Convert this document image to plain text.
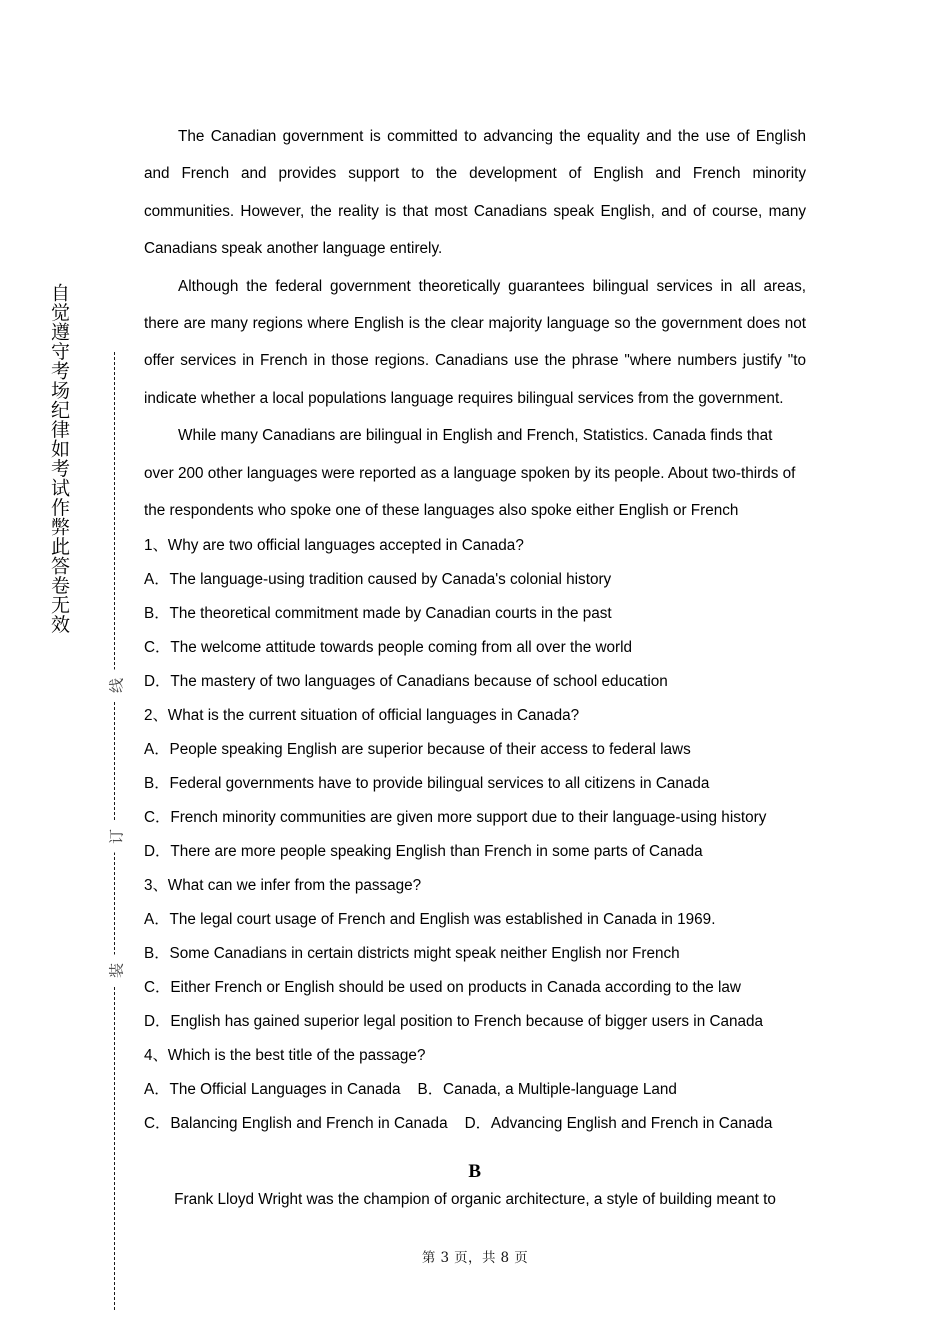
自觉遵守考场纪律如考试作弊此答卷无效
线
订
装

The Canadian government is committed to advancing the equality and the use of English and French and provides support to the development of English and French minority communities. However, the reality is that most Canadians speak English, and of course, many Canadians speak another language entirely.

Although the federal government theoretically guarantees bilingual services in all areas, there are many regions where English is the clear majority language so the government does not offer services in French in those regions. Canadians use the phrase "where numbers justify "to indicate whether a local populations language requires bilingual services from the government.

While many Canadians are bilingual in English and French, Statistics. Canada finds that over 200 other languages were reported as a language spoken by its people. About two-thirds of the respondents who spoke one of these languages also spoke either English or French

1、Why are two official languages accepted in Canada?

A．The language-using tradition caused by Canada's colonial history

B．The theoretical commitment made by Canadian courts in the past

C．The welcome attitude towards people coming from all over the world

D．The mastery of two languages of Canadians because of school education

2、What is the current situation of official languages in Canada?

A．People speaking English are superior because of their access to federal laws

B．Federal governments have to provide bilingual services to all citizens in Canada

C．French minority communities are given more support due to their language-using history

D．There are more people speaking English than French in some parts of Canada

3、What can we infer from the passage?

A．The legal court usage of French and English was established in Canada in 1969.

B．Some Canadians in certain districts might speak neither English nor French

C．Either French or English should be used on products in Canada according to the law

D．English has gained superior legal position to French because of bigger users in Canada

4、Which is the best title of the passage?

A．The Official Languages in Canada    B．Canada, a Multiple-language Land

C．Balancing English and French in Canada    D．Advancing English and French in Canada

B
Frank Lloyd Wright was the champion of organic architecture, a style of building meant to
第 3 页，共 8 页
